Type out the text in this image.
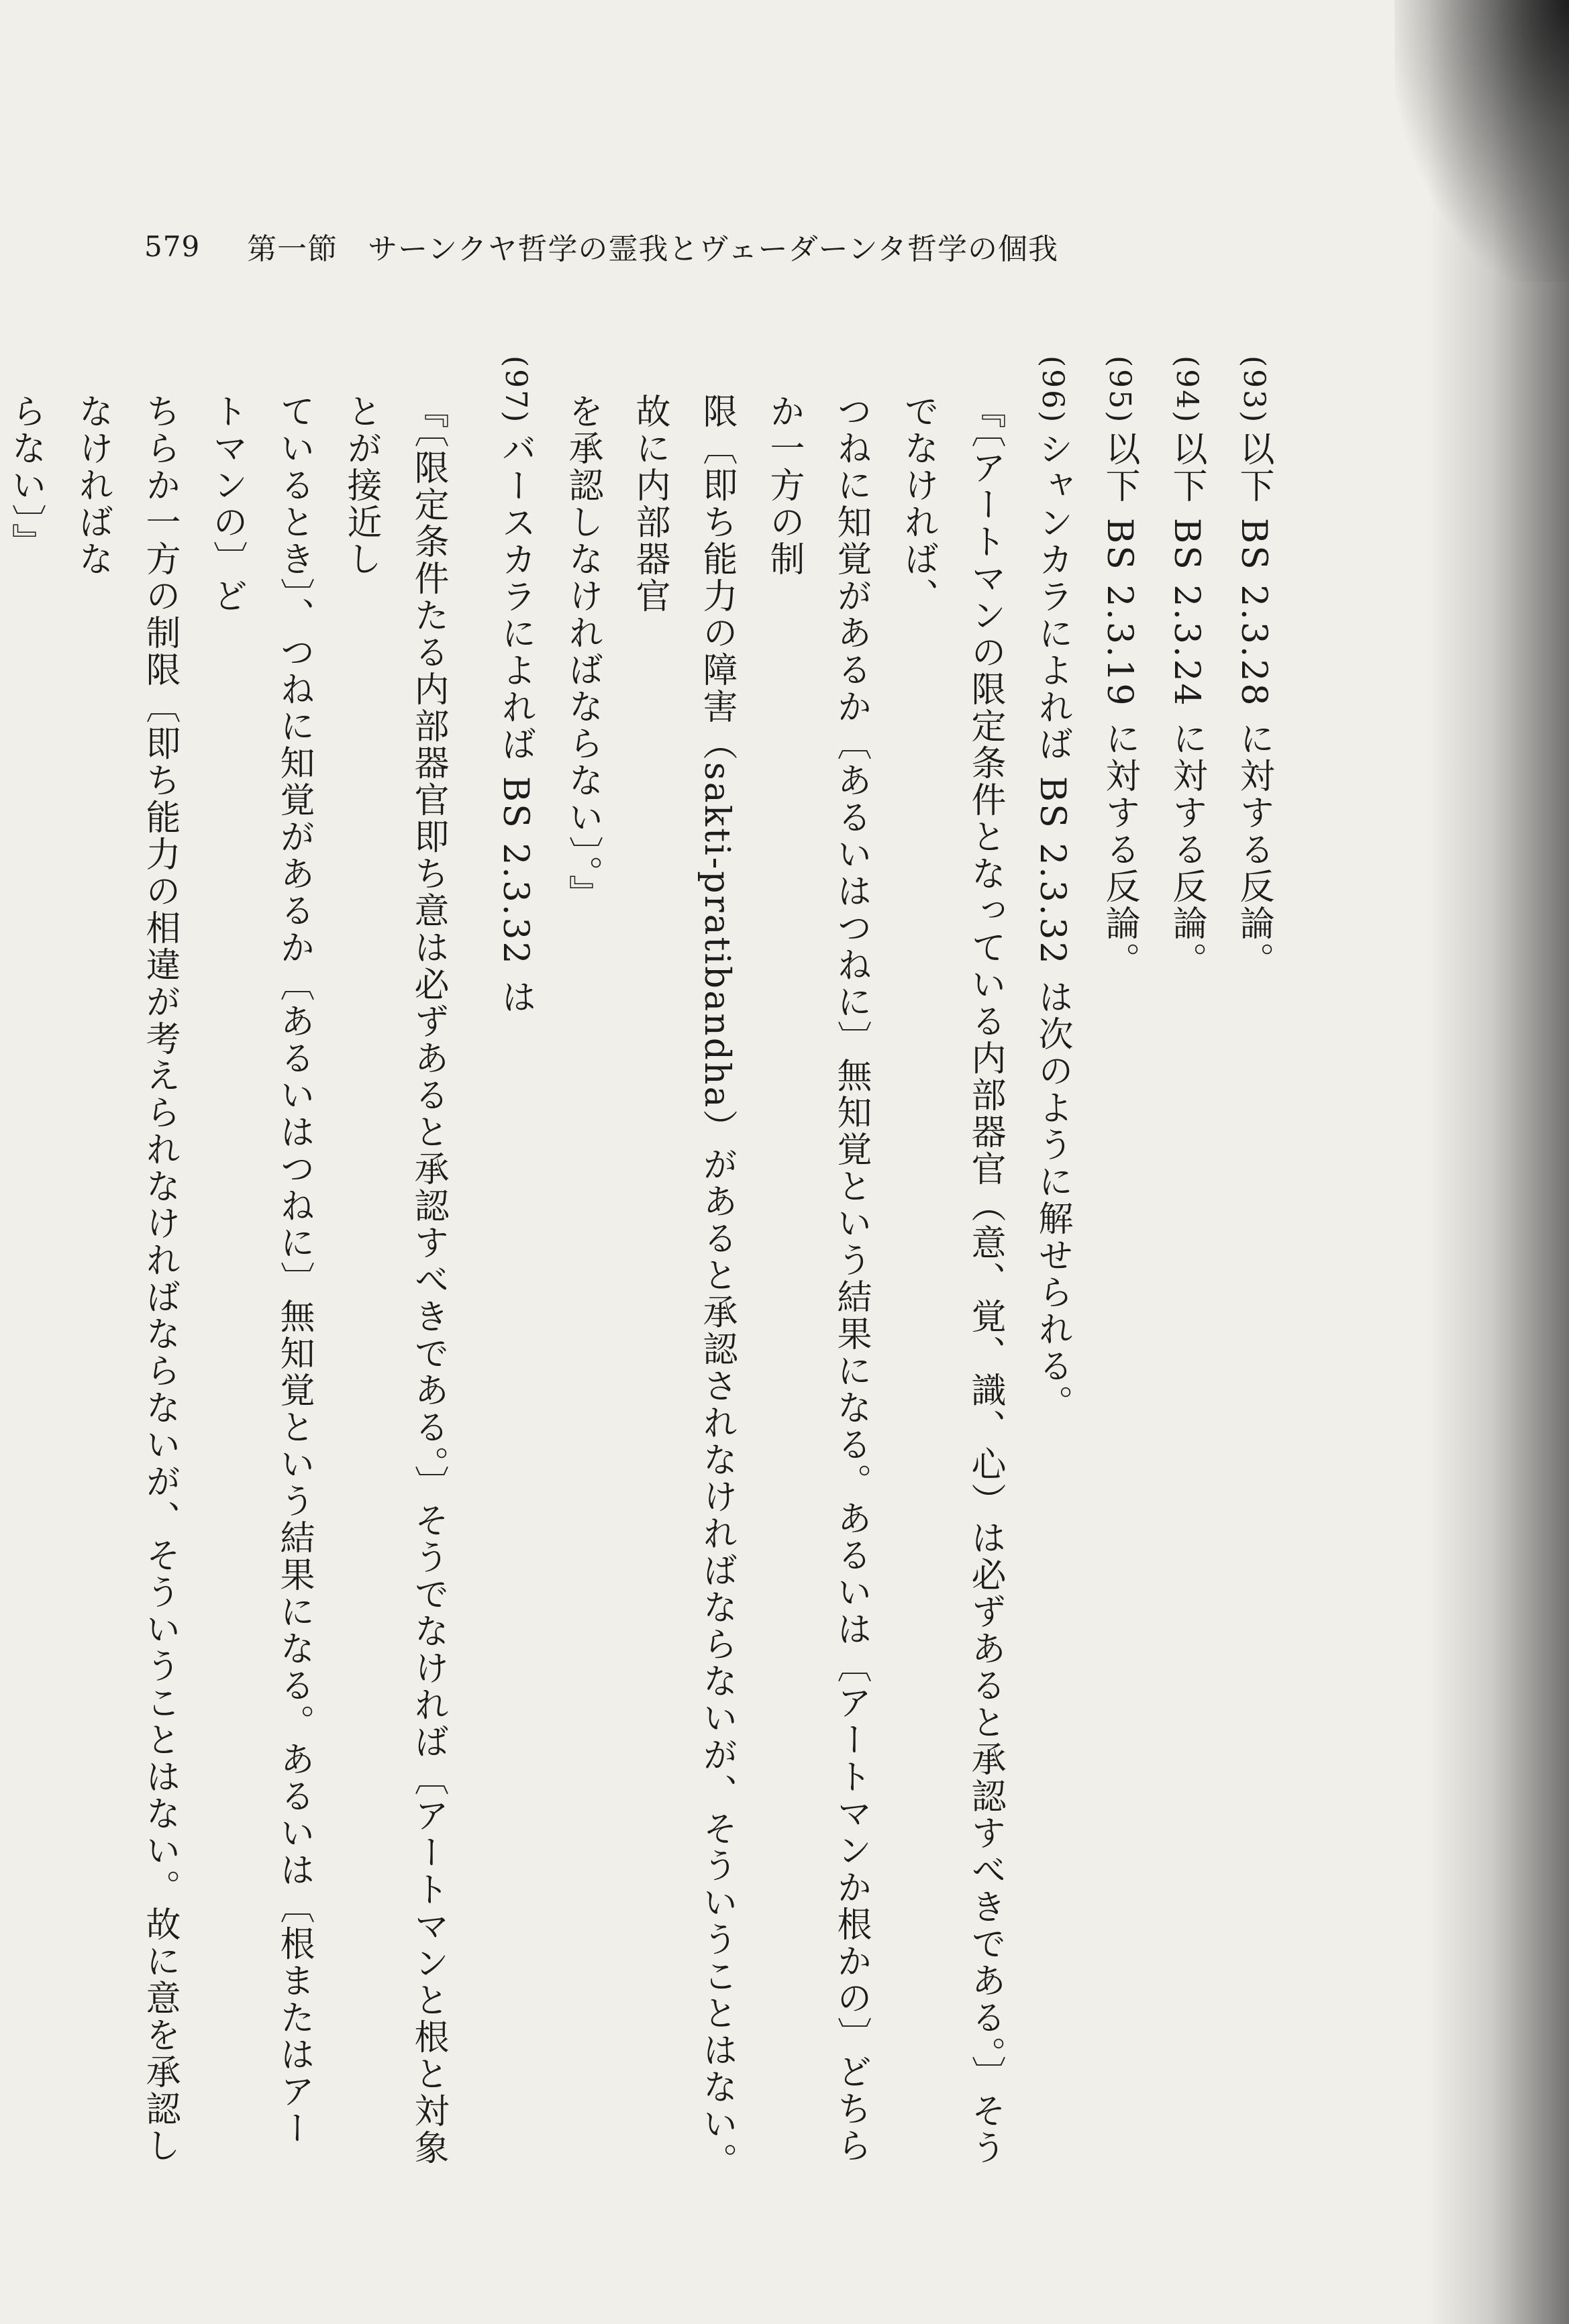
579 第一節　サーンクヤ哲学の霊我とヴェーダーンタ哲学の個我

(93)以下 BS 2.3.28 に対する反論。

(94)以下 BS 2.3.24 に対する反論。

(95)以下 BS 2.3.19 に対する反論。

(96)シャンカラによれば BS 2.3.32 は次のように解せられる。

『〔アートマンの限定条件となっている内部器官（意、覚、識、心）は必ずあると承認すべきである。〕そうでなければ、

つねに知覚があるか〔あるいはつねに〕無知覚という結果になる。あるいは〔アートマンか根かの〕どちらか一方の制

限〔即ち能力の障害（sakti-pratibandha）があると承認されなければならないが、そういうことはない。故に内部器官

を承認しなければならない〕。』

(97)バースカラによれば BS 2.3.32 は

『〔限定条件たる内部器官即ち意は必ずあると承認すべきである。〕そうでなければ〔アートマンと根と対象とが接近し

ているとき〕、つねに知覚があるか〔あるいはつねに〕無知覚という結果になる。あるいは〔根またはアートマンの〕ど

ちらか一方の制限〔即ち能力の相違が考えられなければならないが、そういうことはない。故に意を承認しなければな

らない〕』
